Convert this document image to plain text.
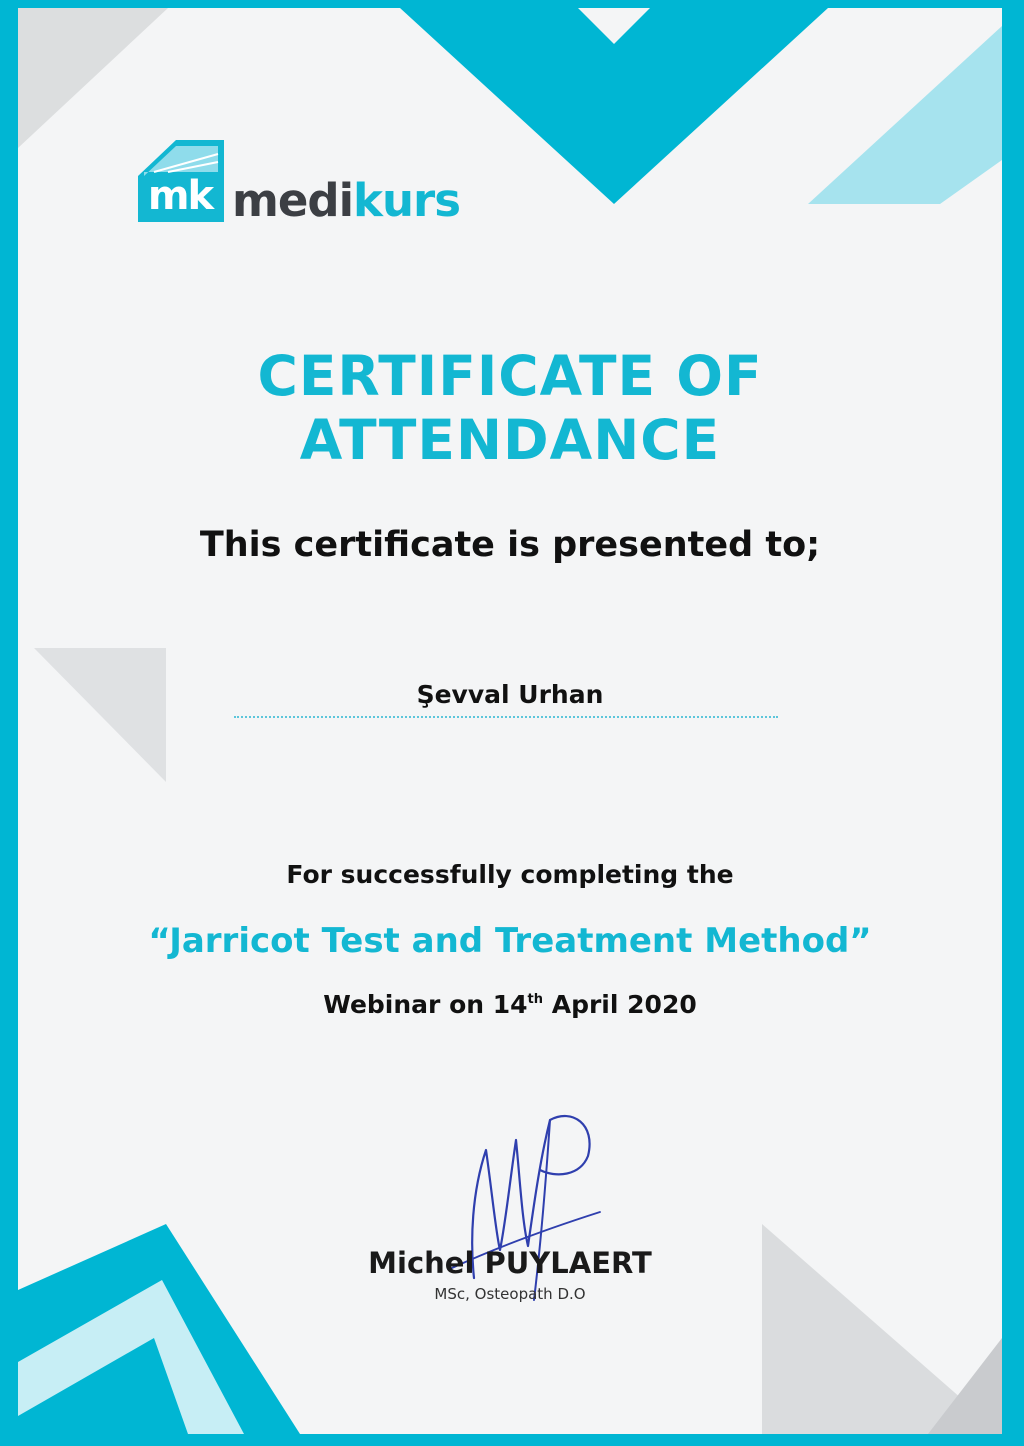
mk medikurs
CERTIFICATE OF
ATTENDANCE
This certificate is presented to;
Şevval Urhan
For successfully completing the
“Jarricot Test and Treatment Method”
Webinar on 14th April 2020
Michel PUYLAERT
MSc, Osteopath D.O
